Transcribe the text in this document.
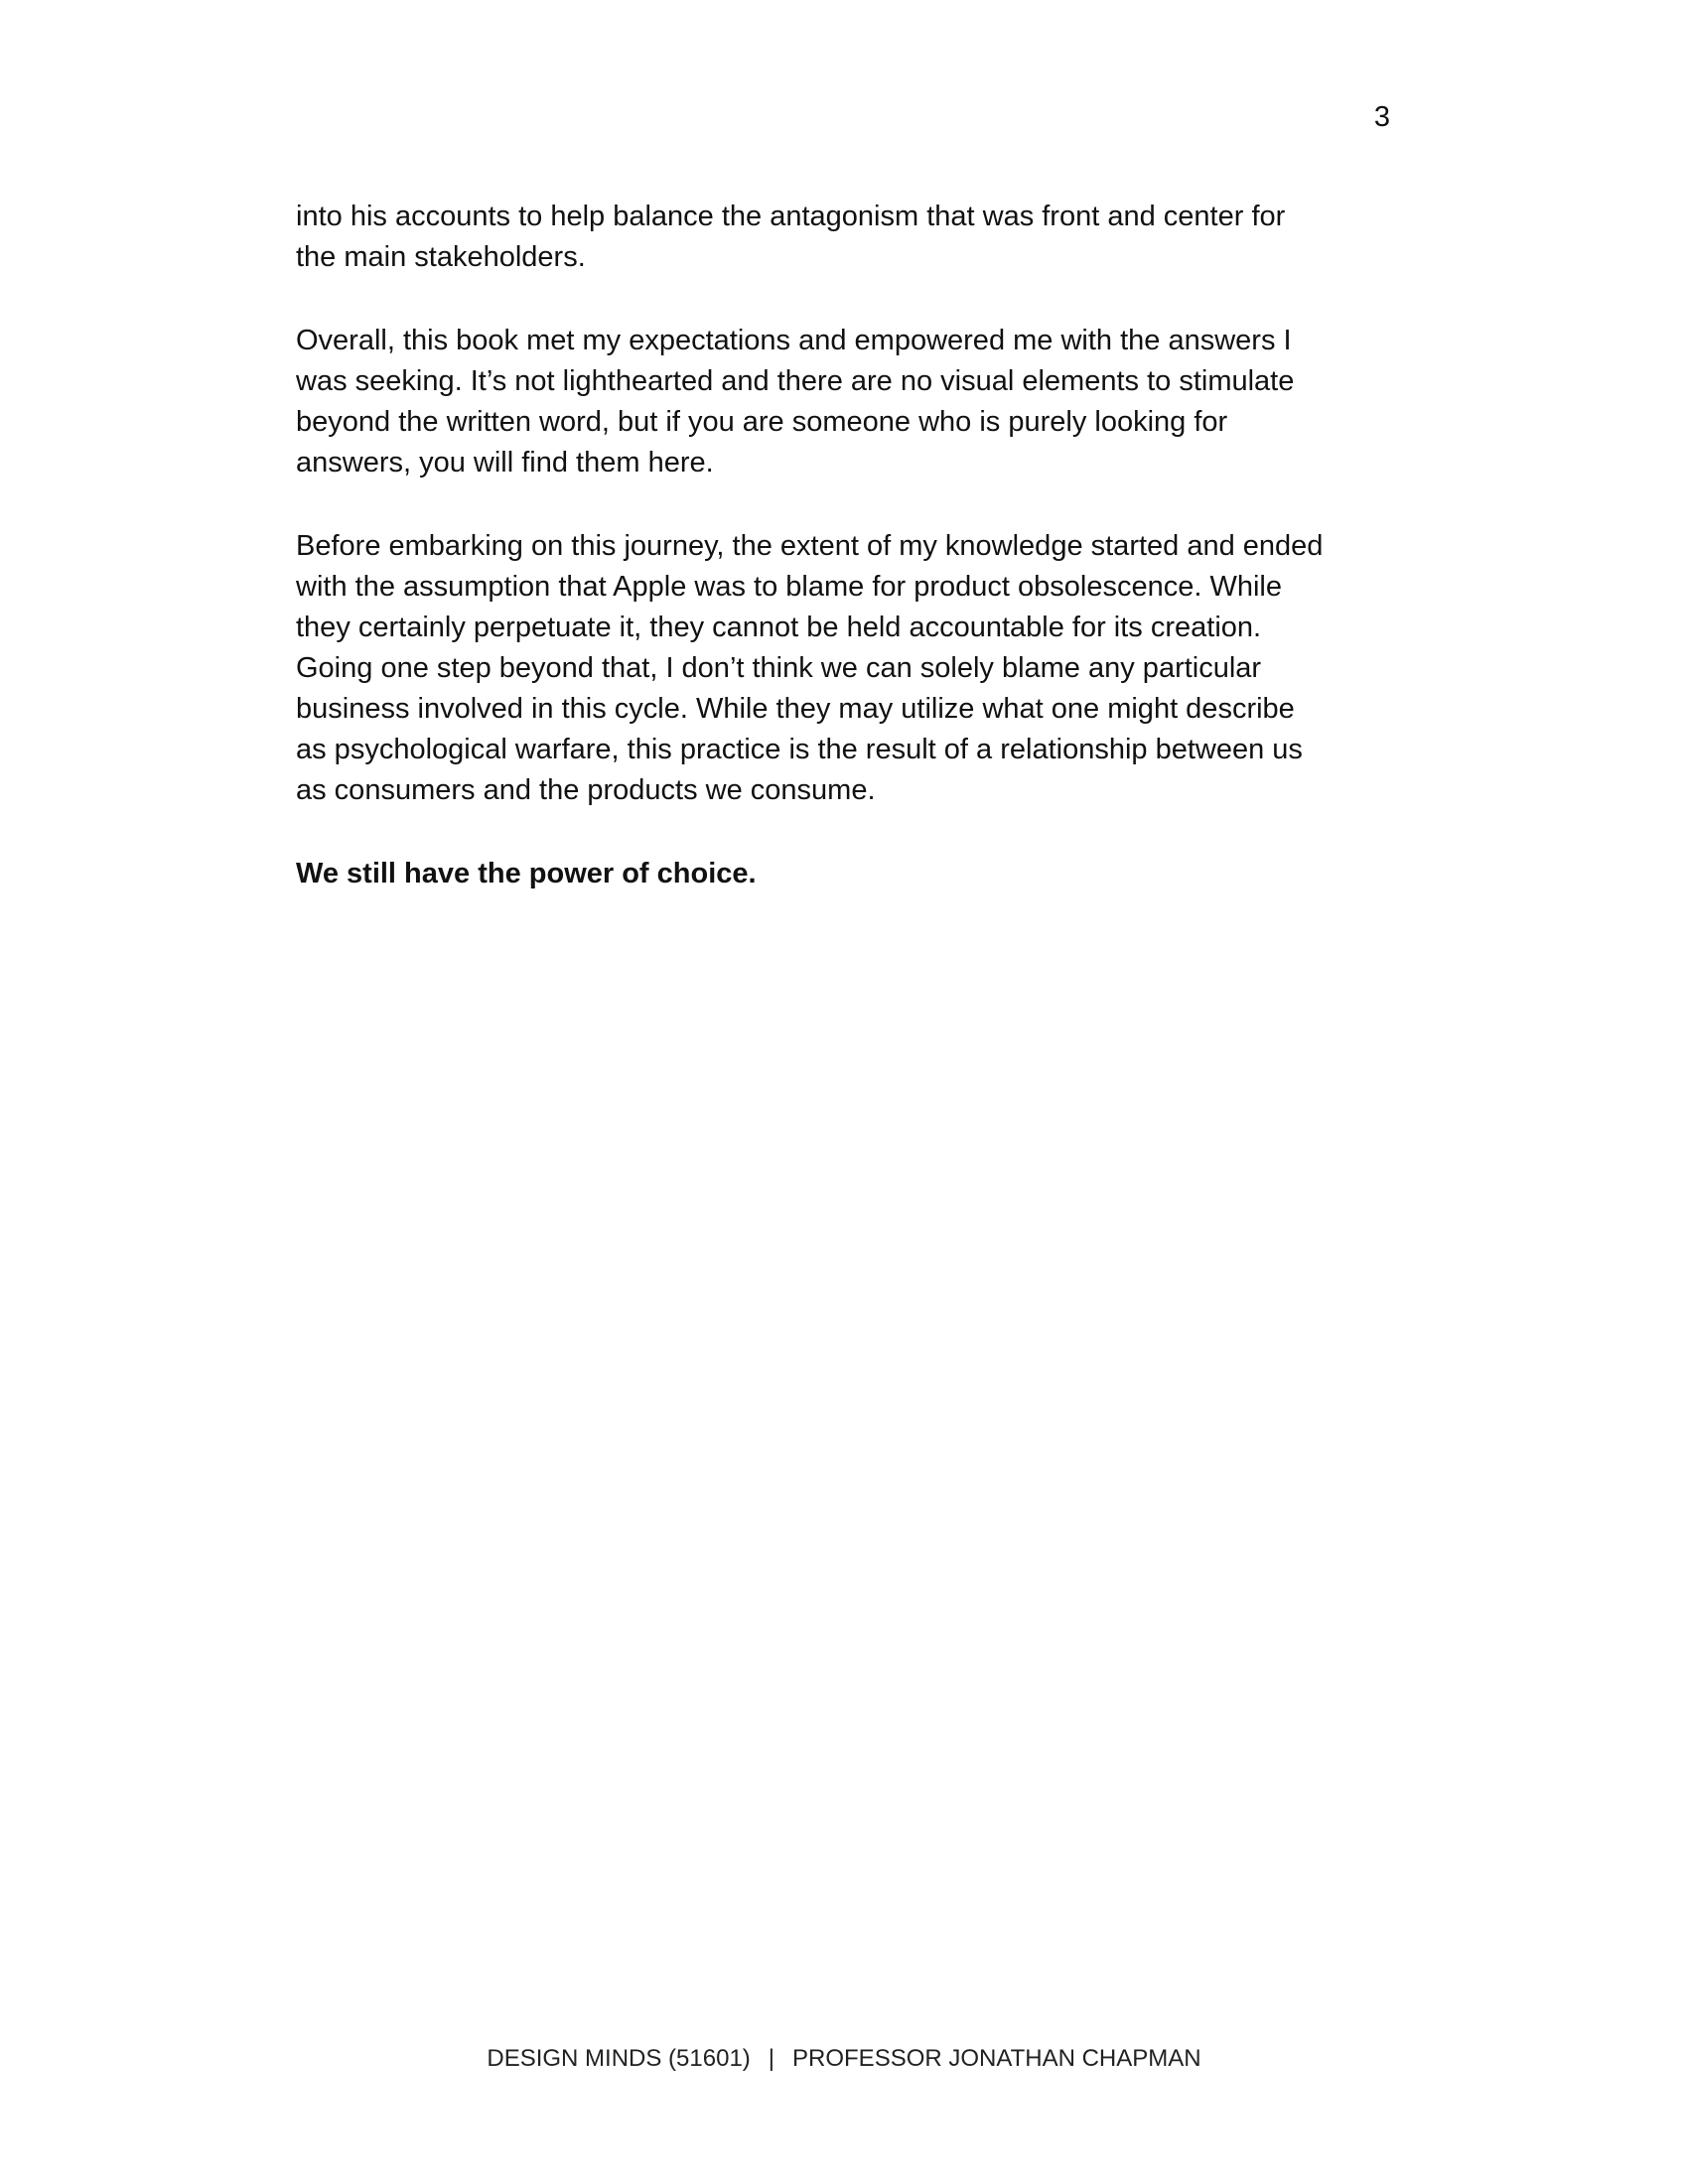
3

into his accounts to help balance the antagonism that was front and center for
the main stakeholders.

Overall, this book met my expectations and empowered me with the answers I
was seeking. It’s not lighthearted and there are no visual elements to stimulate
beyond the written word, but if you are someone who is purely looking for
answers, you will find them here.

Before embarking on this journey, the extent of my knowledge started and ended
with the assumption that Apple was to blame for product obsolescence. While
they certainly perpetuate it, they cannot be held accountable for its creation.
Going one step beyond that, I don’t think we can solely blame any particular
business involved in this cycle. While they may utilize what one might describe
as psychological warfare, this practice is the result of a relationship between us
as consumers and the products we consume.

We still have the power of choice.

DESIGN MINDS (51601) | PROFESSOR JONATHAN CHAPMAN
